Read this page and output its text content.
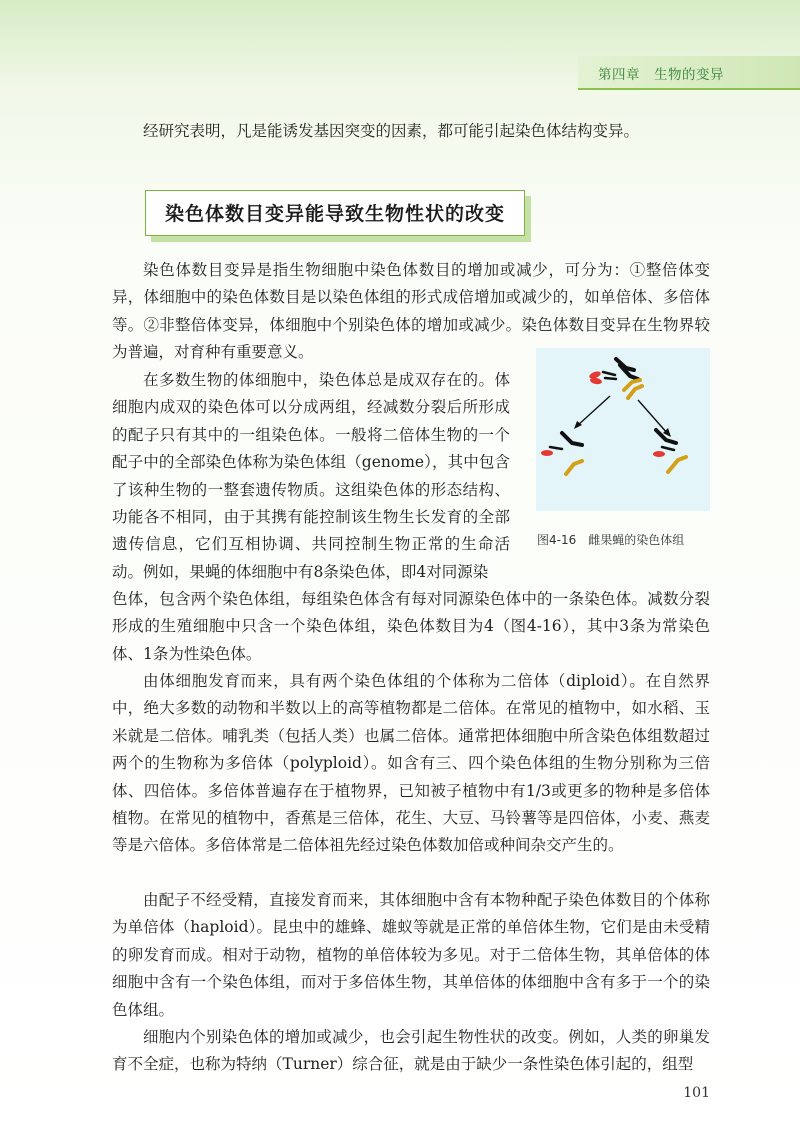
第四章　生物的变异

经研究表明，凡是能诱发基因突变的因素，都可能引起染色体结构变异。

染色体数目变异能导致生物性状的改变

染色体数目变异是指生物细胞中染色体数目的增加或减少，可分为：①整倍体变异，体细胞中的染色体数目是以染色体组的形式成倍增加或减少的，如单倍体、多倍体等。②非整倍体变异，体细胞中个别染色体的增加或减少。染色体数目变异在生物界较为普遍，对育种有重要意义。

在多数生物的体细胞中，染色体总是成双存在的。体细胞内成双的染色体可以分成两组，经减数分裂后所形成的配子只有其中的一组染色体。一般将二倍体生物的一个配子中的全部染色体称为染色体组（genome），其中包含了该种生物的一整套遗传物质。这组染色体的形态结构、功能各不相同，由于其携有能控制该生物生长发育的全部遗传信息，它们互相协调、共同控制生物正常的生命活动。例如，果蝇的体细胞中有8条染色体，即4对同源染

色体，包含两个染色体组，每组染色体含有每对同源染色体中的一条染色体。减数分裂形成的生殖细胞中只含一个染色体组，染色体数目为4（图4-16），其中3条为常染色体、1条为性染色体。

由体细胞发育而来，具有两个染色体组的个体称为二倍体（diploid）。在自然界中，绝大多数的动物和半数以上的高等植物都是二倍体。在常见的植物中，如水稻、玉米就是二倍体。哺乳类（包括人类）也属二倍体。通常把体细胞中所含染色体组数超过两个的生物称为多倍体（polyploid）。如含有三、四个染色体组的生物分别称为三倍体、四倍体。多倍体普遍存在于植物界，已知被子植物中有1/3或更多的物种是多倍体植物。在常见的植物中，香蕉是三倍体，花生、大豆、马铃薯等是四倍体，小麦、燕麦等是六倍体。多倍体常是二倍体祖先经过染色体数加倍或种间杂交产生的。

由配子不经受精，直接发育而来，其体细胞中含有本物种配子染色体数目的个体称为单倍体（haploid）。昆虫中的雄蜂、雄蚁等就是正常的单倍体生物，它们是由未受精的卵发育而成。相对于动物，植物的单倍体较为多见。对于二倍体生物，其单倍体的体细胞中含有一个染色体组，而对于多倍体生物，其单倍体的体细胞中含有多于一个的染色体组。

细胞内个别染色体的增加或减少，也会引起生物性状的改变。例如，人类的卵巢发育不全症，也称为特纳（Turner）综合征，就是由于缺少一条性染色体引起的，组型

图4-16　雌果蝇的染色体组
101
